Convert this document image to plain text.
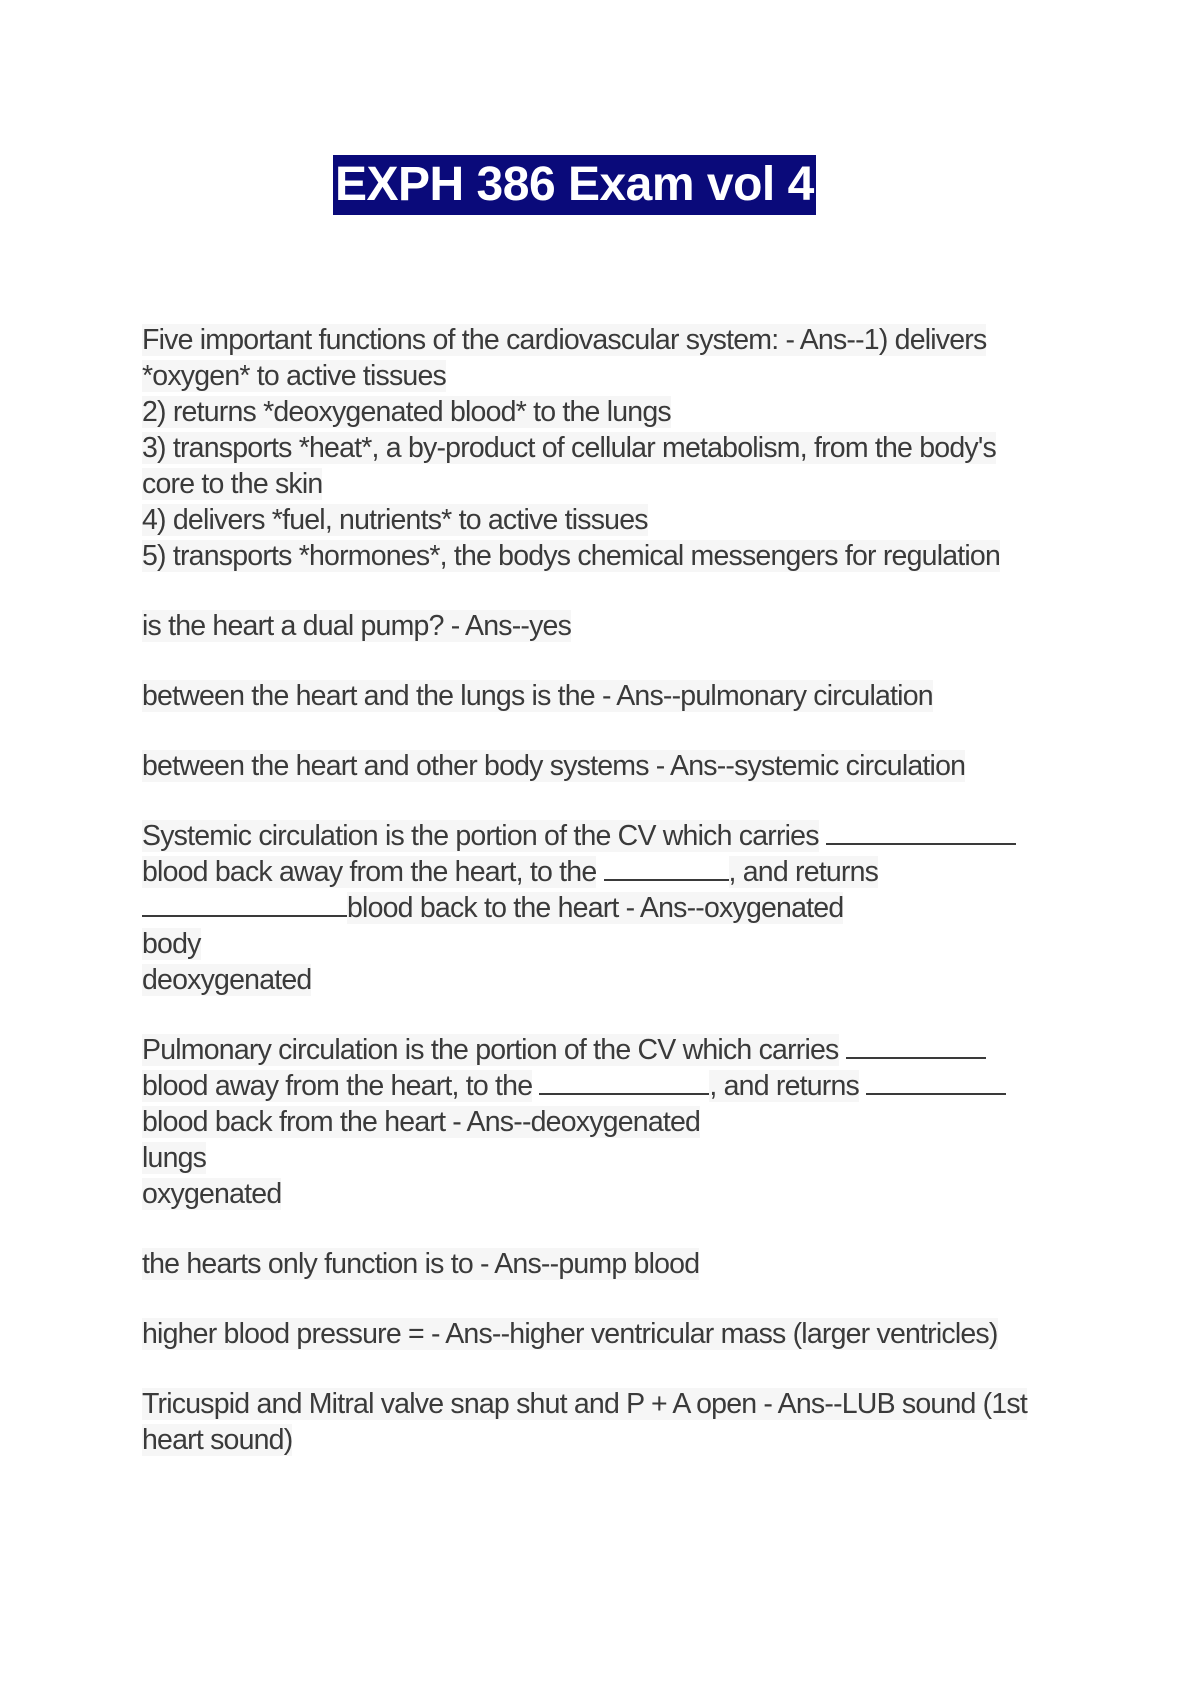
EXPH 386 Exam vol 4
Five important functions of the cardiovascular system: - Ans--1) delivers
*oxygen* to active tissues
2) returns *deoxygenated blood* to the lungs
3) transports *heat*, a by-product of cellular metabolism, from the body's
core to the skin
4) delivers *fuel, nutrients* to active tissues
5) transports *hormones*, the bodys chemical messengers for regulation
is the heart a dual pump? - Ans--yes
between the heart and the lungs is the - Ans--pulmonary circulation
between the heart and other body systems - Ans--systemic circulation
Systemic circulation is the portion of the CV which carries
blood back away from the heart, to the	, and returns
blood back to the heart - Ans--oxygenated
body
deoxygenated
Pulmonary circulation is the portion of the CV which carries
blood away from the heart, to the	, and returns
blood back from the heart - Ans--deoxygenated
lungs
oxygenated
the hearts only function is to - Ans--pump blood
higher blood pressure = - Ans--higher ventricular mass (larger ventricles)
Tricuspid and Mitral valve snap shut and P + A open - Ans--LUB sound (1st
heart sound)
